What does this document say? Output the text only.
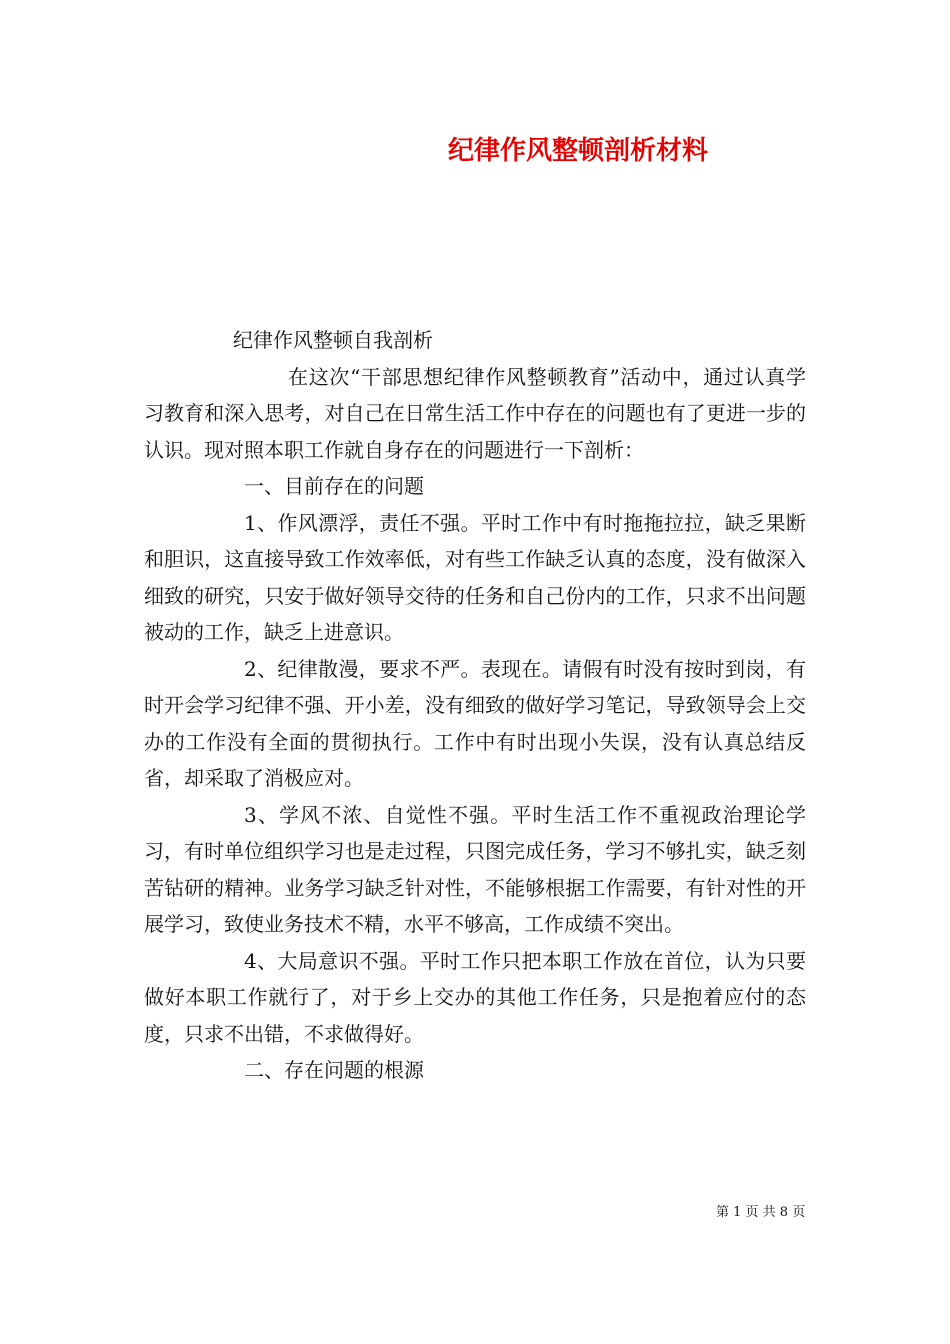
纪律作风整顿剖析材料

纪律作风整顿自我剖析

在这次“干部思想纪律作风整顿教育”活动中，通过认真学习教育和深入思考，对自己在日常生活工作中存在的问题也有了更进一步的认识。现对照本职工作就自身存在的问题进行一下剖析：

一、目前存在的问题

1、作风漂浮，责任不强。平时工作中有时拖拖拉拉，缺乏果断和胆识，这直接导致工作效率低，对有些工作缺乏认真的态度，没有做深入细致的研究，只安于做好领导交待的任务和自己份内的工作，只求不出问题被动的工作，缺乏上进意识。

2、纪律散漫，要求不严。表现在。请假有时没有按时到岗，有时开会学习纪律不强、开小差，没有细致的做好学习笔记，导致领导会上交办的工作没有全面的贯彻执行。工作中有时出现小失误，没有认真总结反省，却采取了消极应对。

3、学风不浓、自觉性不强。平时生活工作不重视政治理论学习，有时单位组织学习也是走过程，只图完成任务，学习不够扎实，缺乏刻苦钻研的精神。业务学习缺乏针对性，不能够根据工作需要，有针对性的开展学习，致使业务技术不精，水平不够高，工作成绩不突出。

4、大局意识不强。平时工作只把本职工作放在首位，认为只要做好本职工作就行了，对于乡上交办的其他工作任务，只是抱着应付的态度，只求不出错，不求做得好。

二、存在问题的根源

第 1 页 共 8 页
